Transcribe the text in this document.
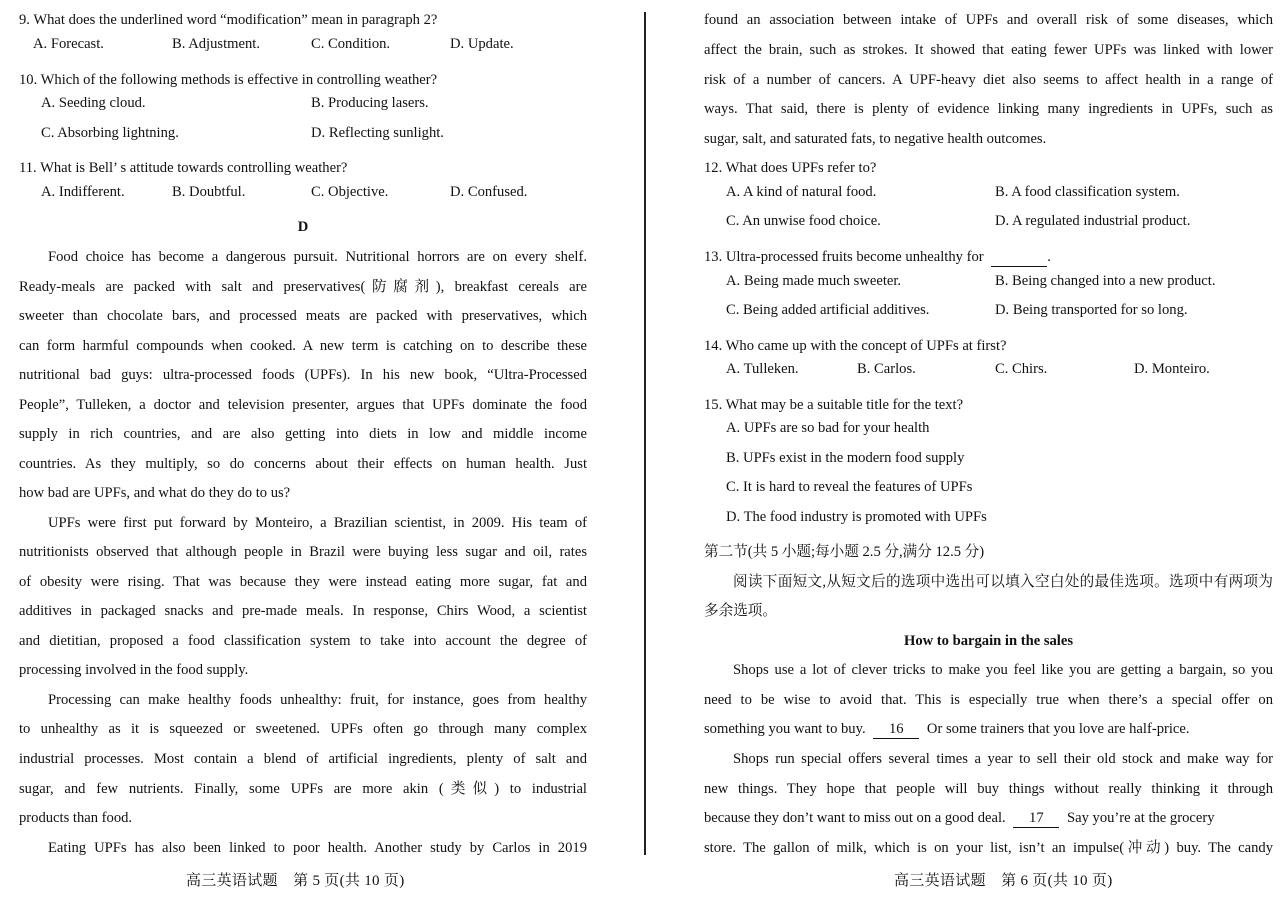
9. What does the underlined word “modification” mean in paragraph 2?
A. Forecast.	B. Adjustment.	C. Condition.	D. Update.
10. Which of the following methods is effective in controlling weather?
A. Seeding cloud.	B. Producing lasers.
C. Absorbing lightning.	D. Reflecting sunlight.
11. What is Bell’ s attitude towards controlling weather?
A. Indifferent.	B. Doubtful.	C. Objective.	D. Confused.
D
Food choice has become a dangerous pursuit. Nutritional horrors are on every shelf.
Ready-meals are packed with salt and preservatives(防腐剂), breakfast cereals are
sweeter than chocolate bars, and processed meats are packed with preservatives, which
can form harmful compounds when cooked. A new term is catching on to describe these
nutritional bad guys: ultra-processed foods (UPFs). In his new book, “Ultra-Processed
People”, Tulleken, a doctor and television presenter, argues that UPFs dominate the food
supply in rich countries, and are also getting into diets in low and middle income
countries. As they multiply, so do concerns about their effects on human health. Just
how bad are UPFs, and what do they do to us?
UPFs were first put forward by Monteiro, a Brazilian scientist, in 2009. His team of
nutritionists observed that although people in Brazil were buying less sugar and oil, rates
of obesity were rising. That was because they were instead eating more sugar, fat and
additives in packaged snacks and pre-made meals. In response, Chirs Wood, a scientist
and dietitian, proposed a food classification system to take into account the degree of
processing involved in the food supply.
Processing can make healthy foods unhealthy: fruit, for instance, goes from healthy
to unhealthy as it is squeezed or sweetened. UPFs often go through many complex
industrial processes. Most contain a blend of artificial ingredients, plenty of salt and
sugar, and few nutrients. Finally, some UPFs are more akin (类似) to industrial
products than food.
Eating UPFs has also been linked to poor health. Another study by Carlos in 2019
高三英语试题　第 5 页(共 10 页)
found an association between intake of UPFs and overall risk of some diseases, which
affect the brain, such as strokes. It showed that eating fewer UPFs was linked with lower
risk of a number of cancers. A UPF-heavy diet also seems to affect health in a range of
ways. That said, there is plenty of evidence linking many ingredients in UPFs, such as
sugar, salt, and saturated fats, to negative health outcomes.
12. What does UPFs refer to?
A. A kind of natural food.	B. A food classification system.
C. An unwise food choice.	D. A regulated industrial product.
13. Ultra-processed fruits become unhealthy for	.
A. Being made much sweeter.	B. Being changed into a new product.
C. Being added artificial additives.	D. Being transported for so long.
14. Who came up with the concept of UPFs at first?
A. Tulleken.	B. Carlos.	C. Chirs.	D. Monteiro.
15. What may be a suitable title for the text?
A. UPFs are so bad for your health
B. UPFs exist in the modern food supply
C. It is hard to reveal the features of UPFs
D. The food industry is promoted with UPFs
第二节(共 5 小题;每小题 2.5 分,满分 12.5 分)
阅读下面短文,从短文后的选项中选出可以填入空白处的最佳选项。选项中有两项为
多余选项。
How to bargain in the sales
Shops use a lot of clever tricks to make you feel like you are getting a bargain, so you
need to be wise to avoid that. This is especially true when there’s a special offer on
something you want to buy. 16 Or some trainers that you love are half-price.
Shops run special offers several times a year to sell their old stock and make way for
new things. They hope that people will buy things without really thinking it through
because they don’t want to miss out on a good deal. 17 Say you’re at the grocery
store. The gallon of milk, which is on your list, isn’t an impulse(冲动) buy. The candy
高三英语试题　第 6 页(共 10 页)
